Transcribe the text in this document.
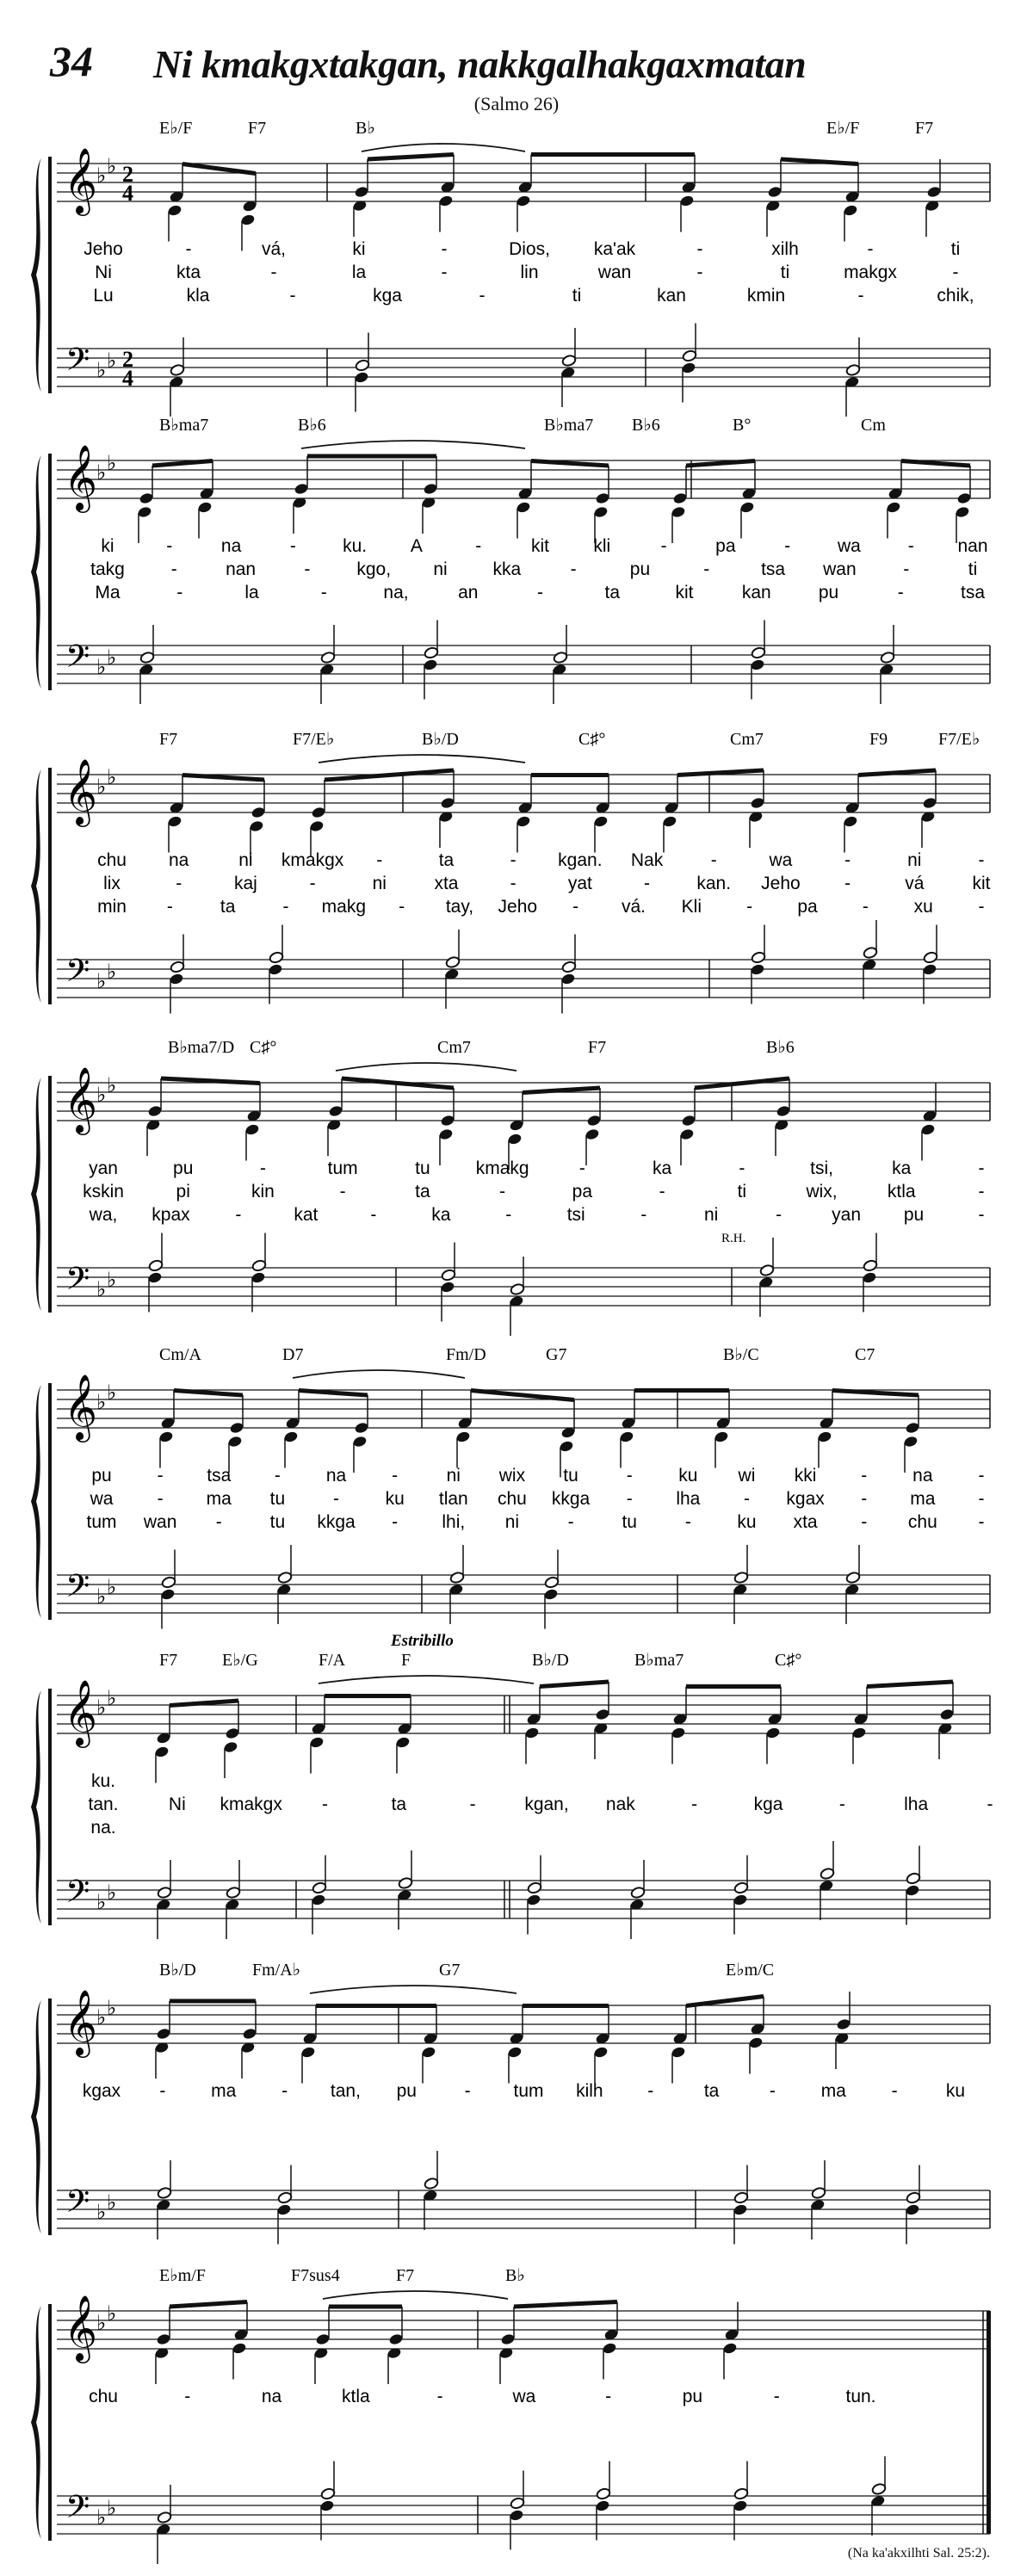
34 Ni kmakgxtakgan, nakkgalhakgaxmatan
(Salmo 26)
𝄞
𝄢
♭ ♭
♭ ♭
2
4
2
4
E♭/F	F7	B♭	E♭/F	F7
Jeho	-	vá,	ki	-	Dios, ka'ak	-	xilh	-	ti
Ni	kta	-	la	-	lin	wan	-	ti	makgx	-
Lu	kla	-	kga	-	ti	kan	kmin	-	chik,
𝄞
𝄢
♭ ♭
♭ ♭
B♭ma7	B♭6	B♭ma7 B♭6	B°	Cm
ki	-	na	-	ku. A	-	kit kli	-	pa	-	wa	- nan
takg	-	nan	-	kgo, ni	kka	-	pu	-	tsa wan	-	ti
Ma	-	la	-	na,	an	-	ta	kit	kan	pu	-	tsa
𝄞
𝄢
♭ ♭
♭ ♭
F7	F7/E♭	B♭/D	C♯°	Cm7	F9	F7/E♭
chu na	ni kmakgx -	ta	- kgan. Nak	-	wa	-	ni	-
lix	-	kaj	-	ni	xta	-	yat	-	kan. Jeho -	vá	kit
min -	ta	- makg - tay, Jeho - vá. Kli - pa -	xu	-
𝄞
𝄢
♭ ♭
♭ ♭
B♭ma7/D C♯°	Cm7	F7	B♭6
yan	pu	-	tum	tu	kmakg	-	ka	-	tsi,	ka	-
kskin	pi	kin	-	ta	-	pa	-	ti	wix,	ktla	-
wa, kpax	-	kat	-	ka	-	tsi	-	ni	-	yan pu	-
𝄞
𝄢
♭ ♭
♭ ♭
Cm/A	D7	Fm/D	G7	B♭/C	C7
pu	- tsa -	na	-	ni wix tu	-	ku wi kki -	na	-
wa - ma tu	-	ku tlan chu kkga - lha - kgax - ma -
tum wan -	tu kkga - lhi, ni	-	tu	-	ku xta - chu -
𝄞
𝄢
♭ ♭
♭ ♭
F7	E♭/G	F/A	F	B♭/D	B♭ma7	C♯°
ku.
tan.	Ni kmakgx -	ta	-	kgan, nak	-	kga	-	lha	-
na.
𝄞
𝄢
♭ ♭
♭ ♭
B♭/D	Fm/A♭	G7	E♭m/C
kgax -	ma	- tan, pu	- tum kilh -	ta	-	ma	-	ku
𝄞
𝄢
♭ ♭
♭ ♭
E♭m/F	F7sus4	F7	B♭
chu	-	na	ktla	-	wa	-	pu	-	tun.
Estribillo
R.H.
(Na ka'akxilhti Sal. 25:2).
